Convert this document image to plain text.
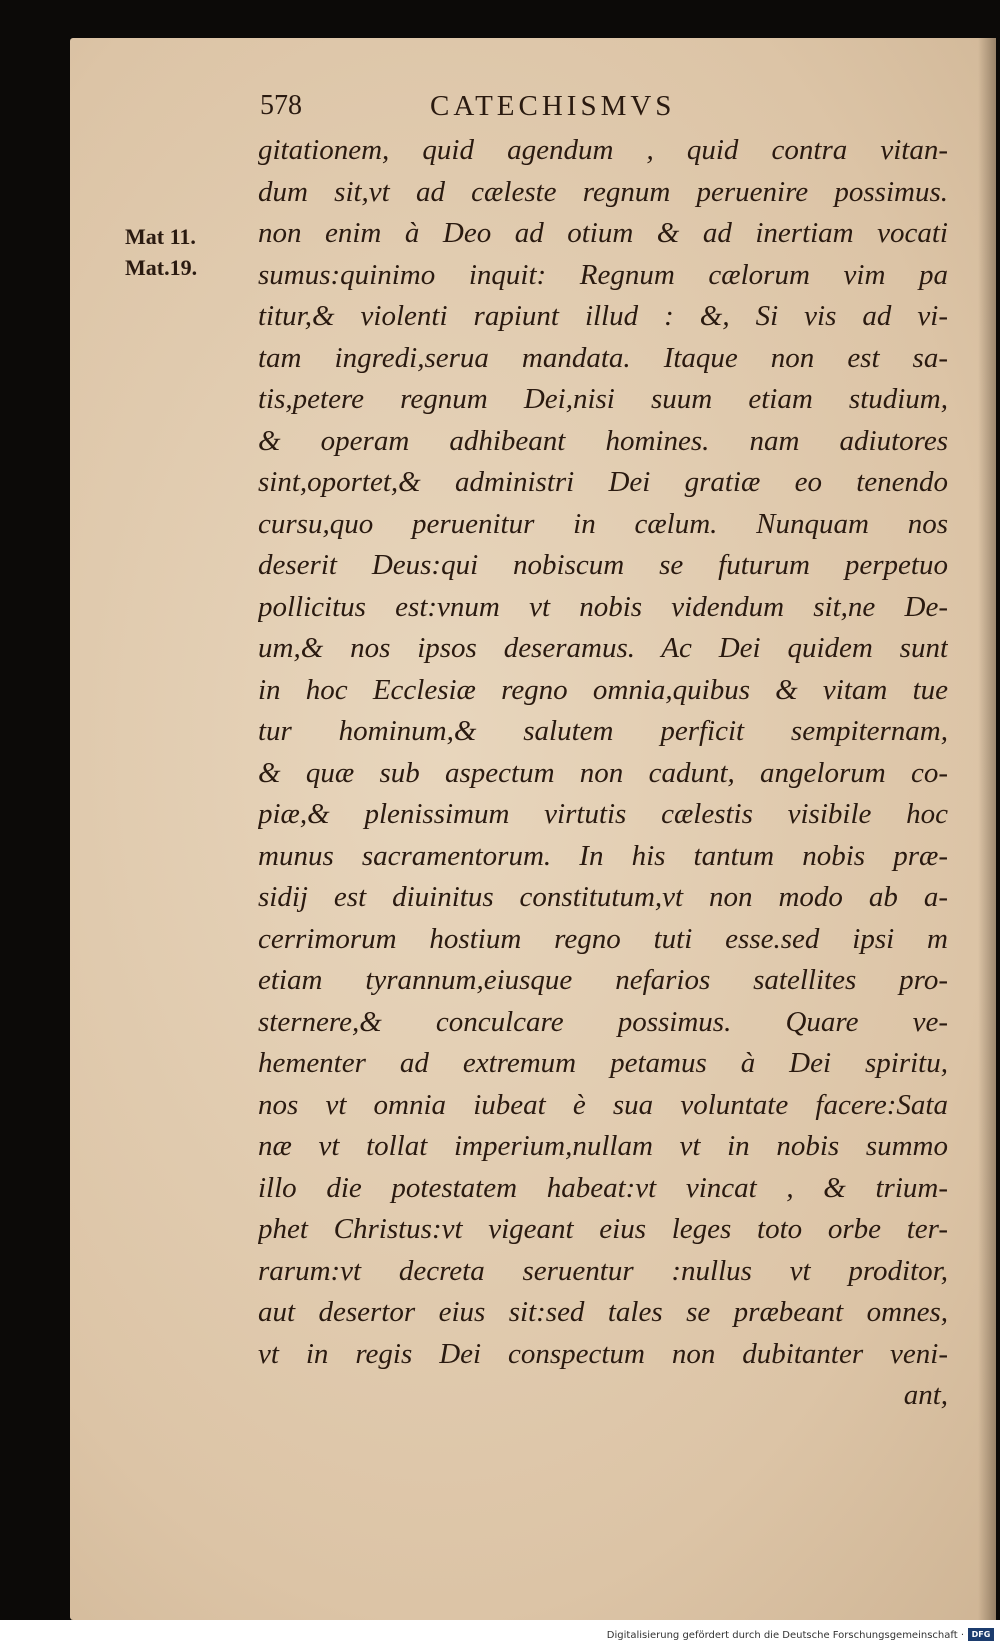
578	CATECHISMVS
Mat 11.
Mat.19.
gitationem, quid agendum , quid contra vitan-
dum sit,vt ad cæleste regnum peruenire possimus.
non enim à Deo ad otium & ad inertiam vocati
sumus:quinimo inquit: Regnum cælorum vim pa
titur,& violenti rapiunt illud : &, Si vis ad vi-
tam ingredi,serua mandata. Itaque non est sa-
tis,petere regnum Dei,nisi suum etiam studium,
& operam adhibeant homines. nam adiutores
sint,oportet,& administri Dei gratiæ eo tenendo
cursu,quo peruenitur in cælum. Nunquam nos
deserit Deus:qui nobiscum se futurum perpetuo
pollicitus est:vnum vt nobis videndum sit,ne De-
um,& nos ipsos deseramus. Ac Dei quidem sunt
in hoc Ecclesiæ regno omnia,quibus & vitam tue
tur hominum,& salutem perficit sempiternam,
& quæ sub aspectum non cadunt, angelorum co-
piæ,& plenissimum virtutis cælestis visibile hoc
munus sacramentorum. In his tantum nobis præ-
sidij est diuinitus constitutum,vt non modo ab a-
cerrimorum hostium regno tuti esse.sed ipsi m
etiam tyrannum,eiusque nefarios satellites pro-
sternere,& conculcare possimus. Quare ve-
hementer ad extremum petamus à Dei spiritu,
nos vt omnia iubeat è sua voluntate facere:Sata
næ vt tollat imperium,nullam vt in nobis summo
illo die potestatem habeat:vt vincat , & trium-
phet Christus:vt vigeant eius leges toto orbe ter-
rarum:vt decreta seruentur :nullus vt proditor,
aut desertor eius sit:sed tales se præbeant omnes,
vt in regis Dei conspectum non dubitanter veni-
ant,
Digitalisierung gefördert durch die Deutsche Forschungsgemeinschaft · DFG
